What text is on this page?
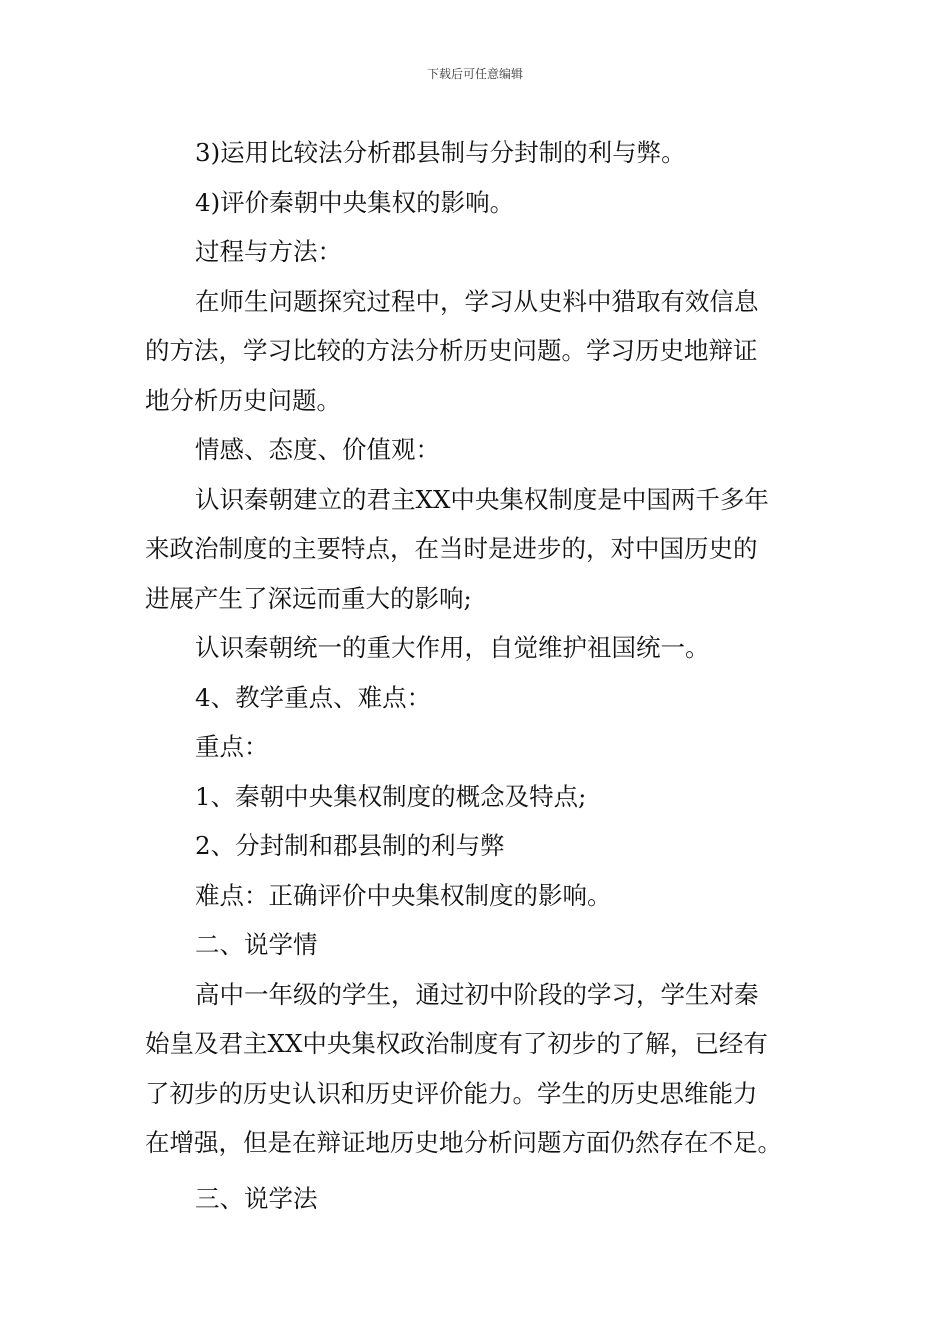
下载后可任意编辑
3)运用比较法分析郡县制与分封制的利与弊。
4)评价秦朝中央集权的影响。
过程与方法：
在师生问题探究过程中，学习从史料中猎取有效信息
的方法，学习比较的方法分析历史问题。学习历史地辩证
地分析历史问题。
情感、态度、价值观：
认识秦朝建立的君主XX中央集权制度是中国两千多年
来政治制度的主要特点，在当时是进步的，对中国历史的
进展产生了深远而重大的影响;
认识秦朝统一的重大作用，自觉维护祖国统一。
4、教学重点、难点：
重点：
1、秦朝中央集权制度的概念及特点;
2、分封制和郡县制的利与弊
难点：正确评价中央集权制度的影响。
二、说学情
高中一年级的学生，通过初中阶段的学习，学生对秦
始皇及君主XX中央集权政治制度有了初步的了解，已经有
了初步的历史认识和历史评价能力。学生的历史思维能力
在增强，但是在辩证地历史地分析问题方面仍然存在不足。
三、说学法
